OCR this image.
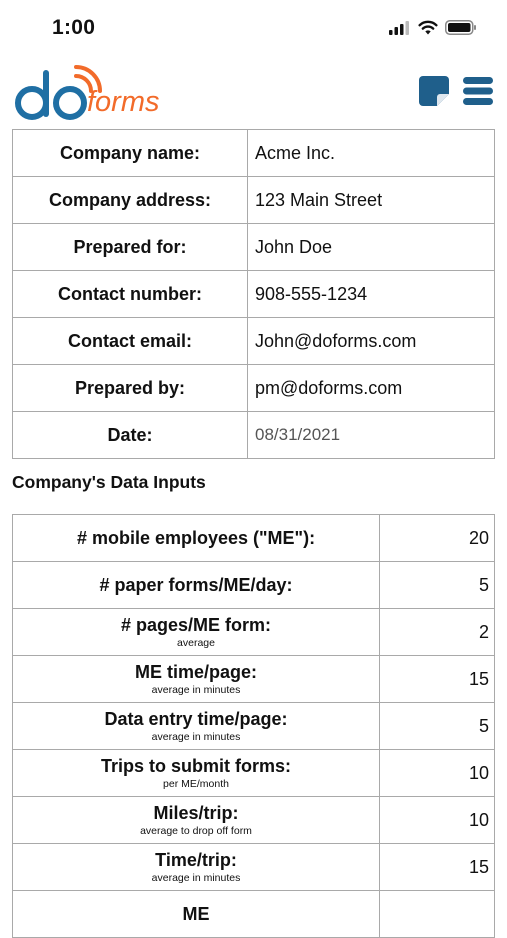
1:00
forms
Company name:	Acme Inc.
Company address:	123 Main Street
Prepared for:	John Doe
Contact number:	908-555-1234
Contact email:	John@doforms.com
Prepared by:	pm@doforms.com
Date:	08/31/2021
Company's Data Inputs
# mobile employees ("ME"):	20

# paper forms/ME/day:	5

# pages/ME form:
average	2

ME time/page:
average in minutes	15

Data entry time/page:
average in minutes	5

Trips to submit forms:
per ME/month	10

Miles/trip:
average to drop off form	10

Time/trip:
average in minutes	15

ME	
